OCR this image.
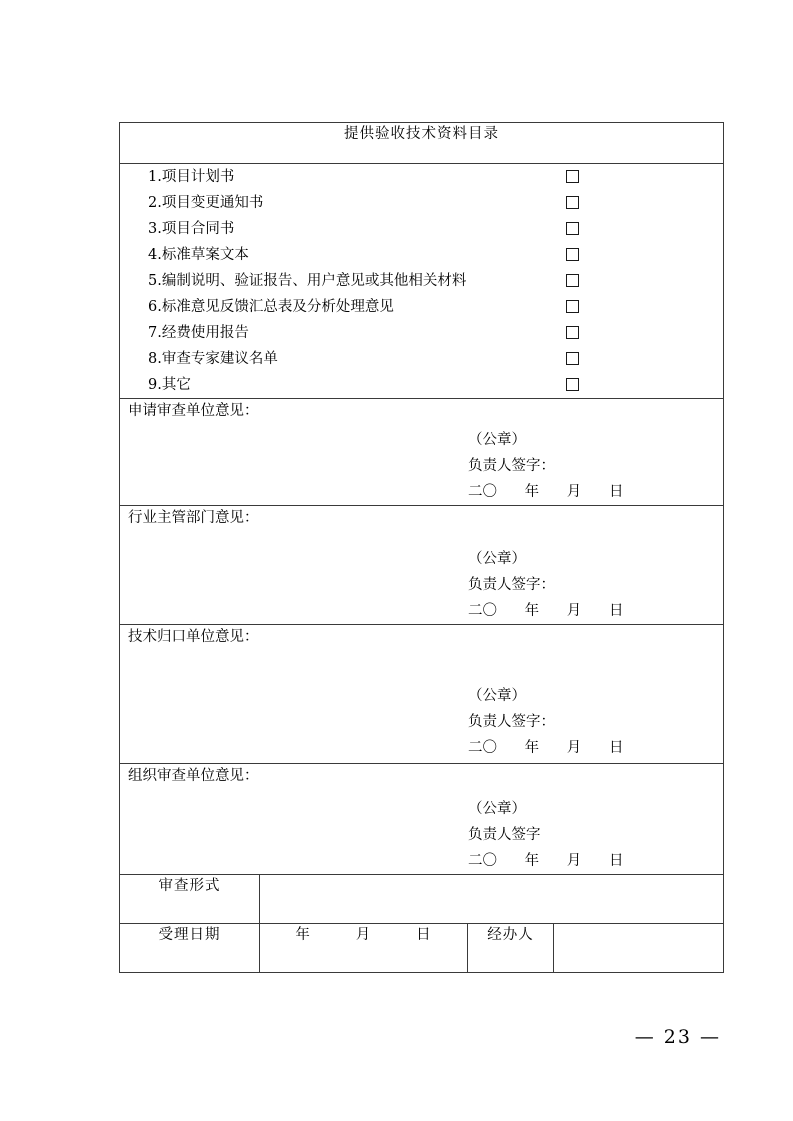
提供验收技术资料目录			

1.项目计划书
2.项目变更通知书
3.项目合同书
4.标准草案文本
5.编制说明、验证报告、用户意见或其他相关材料
6.标准意见反馈汇总表及分析处理意见
7.经费使用报告
8.审查专家建议名单
9.其它

申请审查单位意见：
（公章）
负责人签字：
二〇      年      月      日			

行业主管部门意见：
（公章）
负责人签字：
二〇      年      月      日			

技术归口单位意见：
（公章）
负责人签字：
二〇      年      月      日			

组织审查单位意见：
（公章）
负责人签字
二〇      年      月      日			

审查形式			
受理日期	年        月        日	经办人	
— 23 —
